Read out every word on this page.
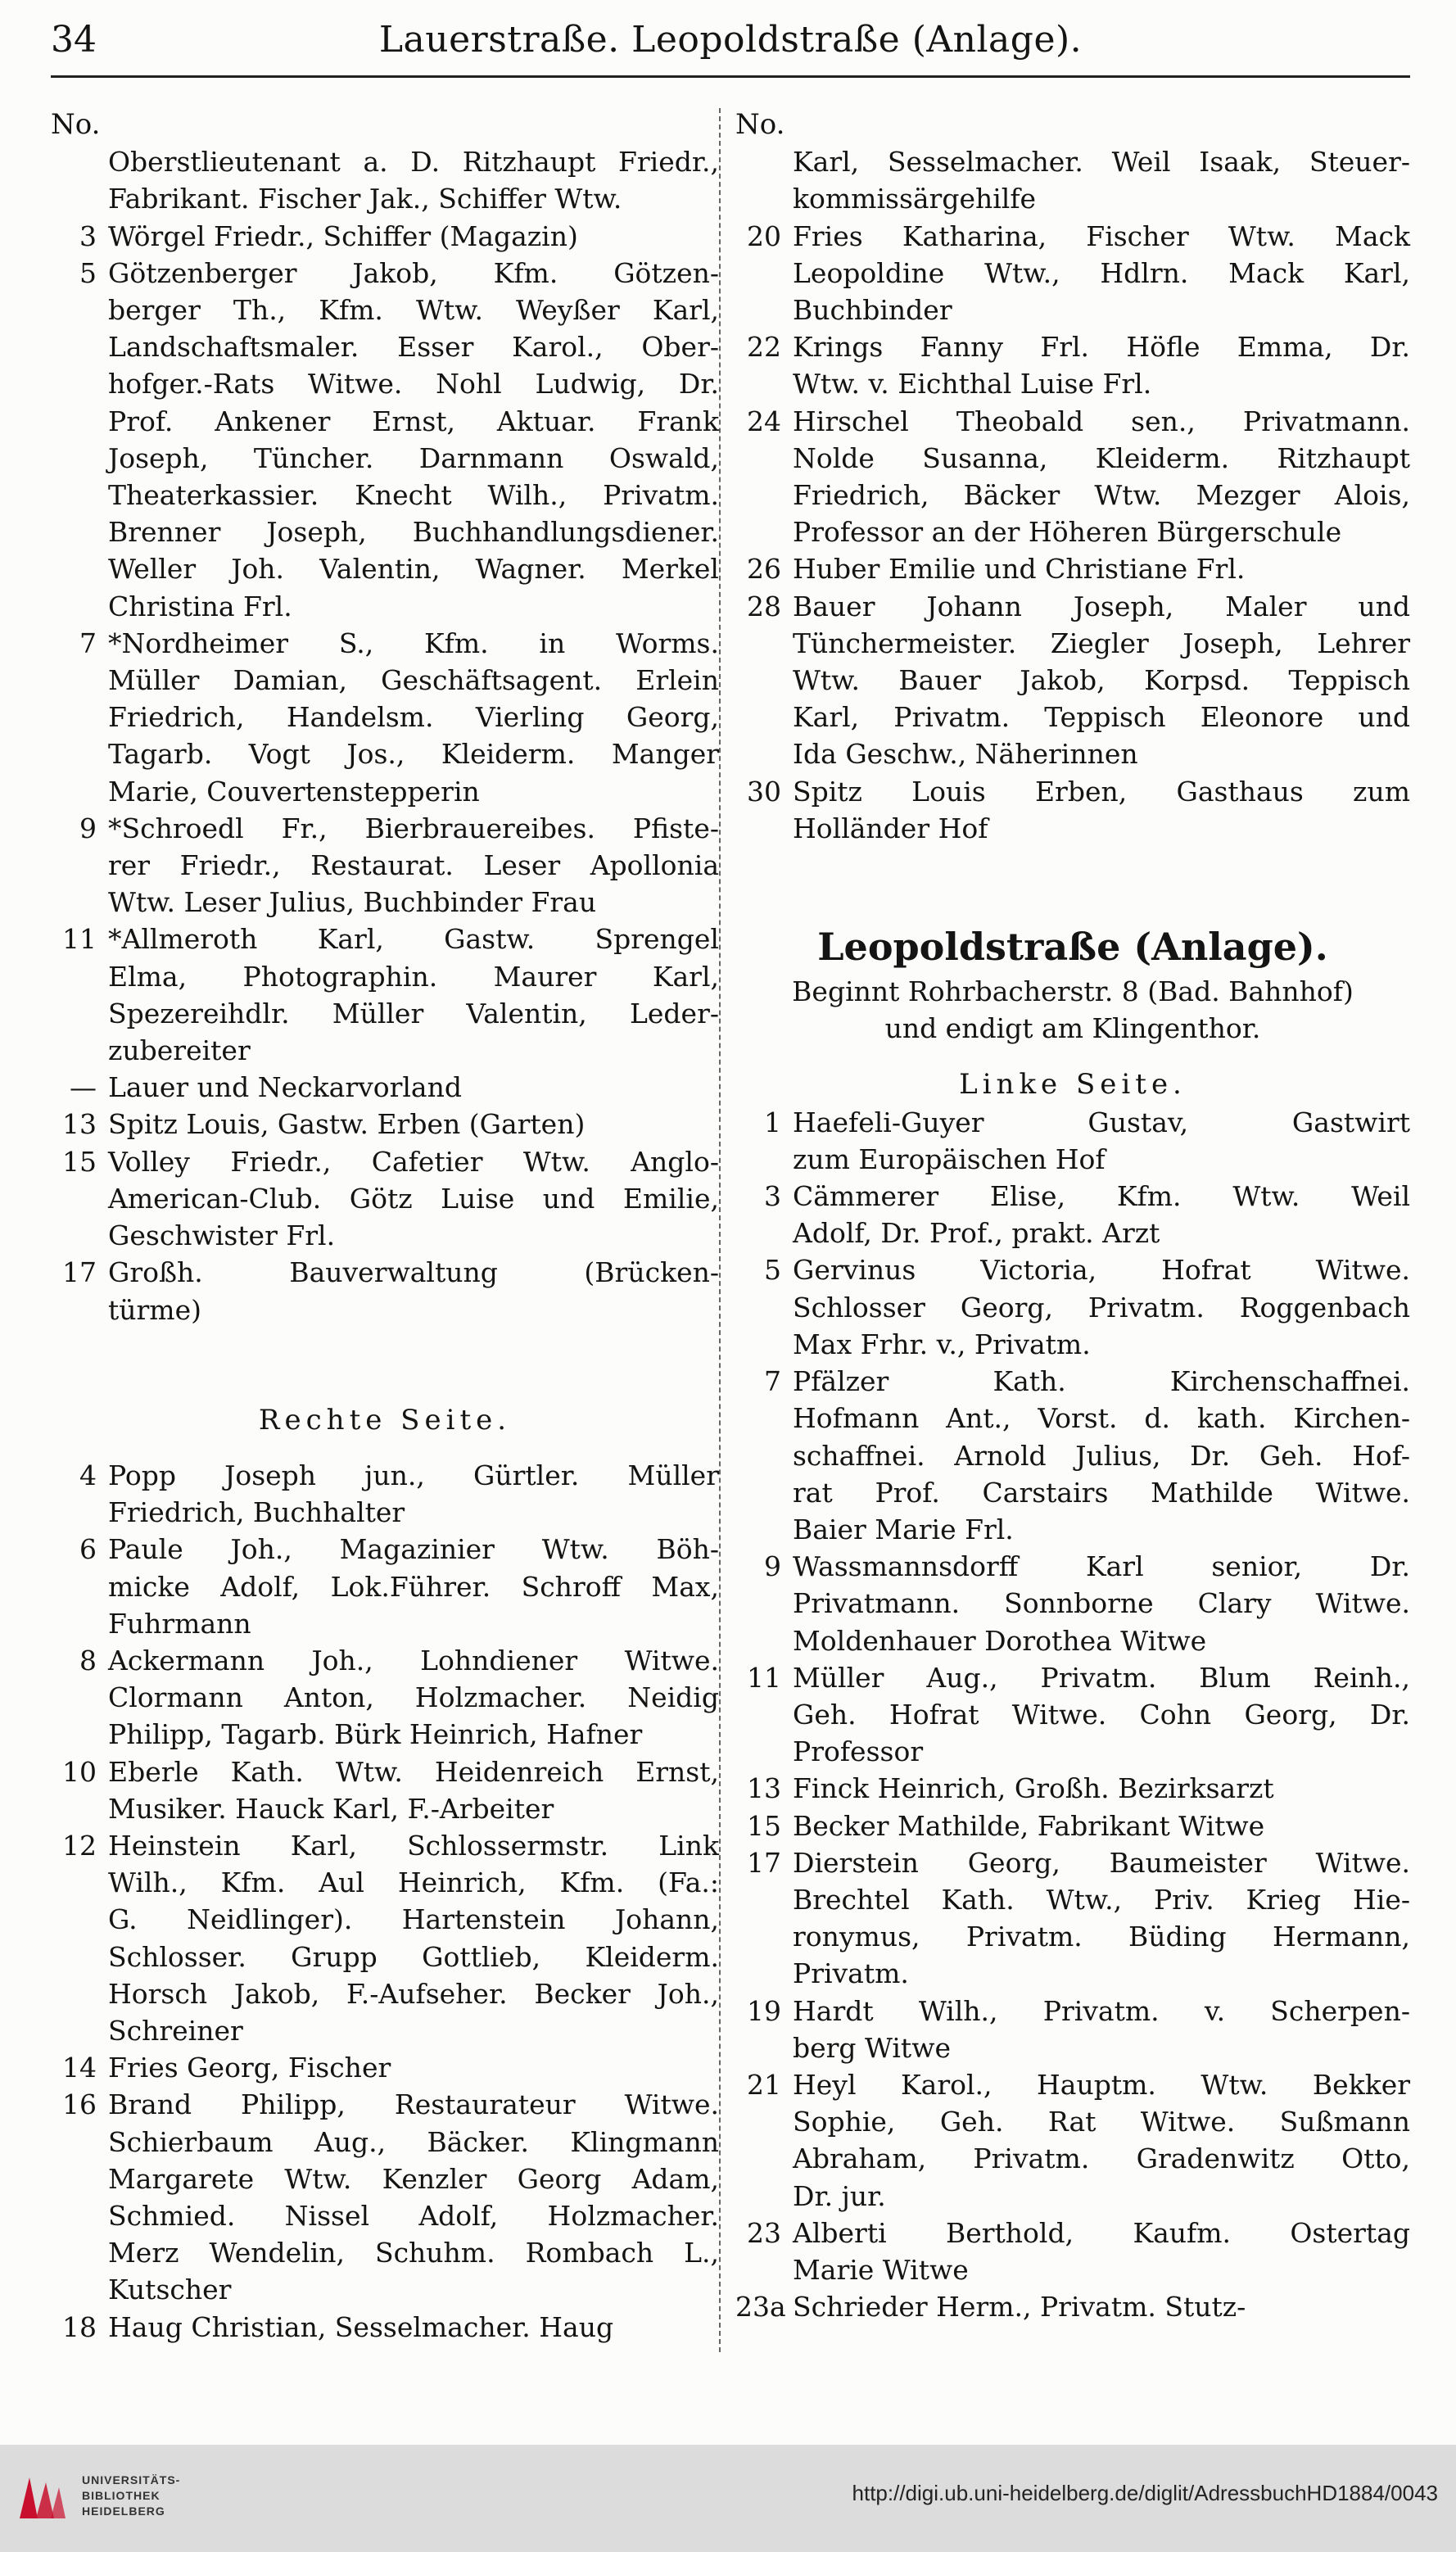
34	Lauerstraße. Leopoldstraße (Anlage).
No.
Oberstlieutenant a. D. Ritzhaupt Friedr.,
Fabrikant. Fischer Jak., Schiffer Wtw.
3 Wörgel Friedr., Schiffer (Magazin)
5 Götzenberger Jakob, Kfm. Götzen-
berger Th., Kfm. Wtw. Weyßer Karl,
Landschaftsmaler. Esser Karol., Ober-
hofger.-Rats Witwe. Nohl Ludwig, Dr.
Prof. Ankener Ernst, Aktuar. Frank
Joseph, Tüncher. Darnmann Oswald,
Theaterkassier. Knecht Wilh., Privatm.
Brenner Joseph, Buchhandlungsdiener.
Weller Joh. Valentin, Wagner. Merkel
Christina Frl.
7 *Nordheimer S., Kfm. in Worms.
Müller Damian, Geschäftsagent. Erlein
Friedrich, Handelsm. Vierling Georg,
Tagarb. Vogt Jos., Kleiderm. Manger
Marie, Couvertenstepperin
9 *Schroedl Fr., Bierbrauereibes. Pfiste-
rer Friedr., Restaurat. Leser Apollonia
Wtw. Leser Julius, Buchbinder Frau
11 *Allmeroth Karl, Gastw. Sprengel
Elma, Photographin. Maurer Karl,
Spezereihdlr. Müller Valentin, Leder-
zubereiter
— Lauer und Neckarvorland
13 Spitz Louis, Gastw. Erben (Garten)
15 Volley Friedr., Cafetier Wtw. Anglo-
American-Club. Götz Luise und Emilie,
Geschwister Frl.
17 Großh. Bauverwaltung (Brücken-
türme)
Rechte Seite.
4 Popp Joseph jun., Gürtler. Müller
Friedrich, Buchhalter
6 Paule Joh., Magazinier Wtw. Böh-
micke Adolf, Lok.Führer. Schroff Max,
Fuhrmann
8 Ackermann Joh., Lohndiener Witwe.
Clormann Anton, Holzmacher. Neidig
Philipp, Tagarb. Bürk Heinrich, Hafner
10 Eberle Kath. Wtw. Heidenreich Ernst,
Musiker. Hauck Karl, F.-Arbeiter
12 Heinstein Karl, Schlossermstr. Link
Wilh., Kfm. Aul Heinrich, Kfm. (Fa.:
G. Neidlinger). Hartenstein Johann,
Schlosser. Grupp Gottlieb, Kleiderm.
Horsch Jakob, F.-Aufseher. Becker Joh.,
Schreiner
14 Fries Georg, Fischer
16 Brand Philipp, Restaurateur Witwe.
Schierbaum Aug., Bäcker. Klingmann
Margarete Wtw. Kenzler Georg Adam,
Schmied. Nissel Adolf, Holzmacher.
Merz Wendelin, Schuhm. Rombach L.,
Kutscher
18 Haug Christian, Sesselmacher. Haug
No.
Karl, Sesselmacher. Weil Isaak, Steuer-
kommissärgehilfe
20 Fries Katharina, Fischer Wtw. Mack
Leopoldine Wtw., Hdlrn. Mack Karl,
Buchbinder
22 Krings Fanny Frl. Höfle Emma, Dr.
Wtw. v. Eichthal Luise Frl.
24 Hirschel Theobald sen., Privatmann.
Nolde Susanna, Kleiderm. Ritzhaupt
Friedrich, Bäcker Wtw. Mezger Alois,
Professor an der Höheren Bürgerschule
26 Huber Emilie und Christiane Frl.
28 Bauer Johann Joseph, Maler und
Tünchermeister. Ziegler Joseph, Lehrer
Wtw. Bauer Jakob, Korpsd. Teppisch
Karl, Privatm. Teppisch Eleonore und
Ida Geschw., Näherinnen
30 Spitz Louis Erben, Gasthaus zum
Holländer Hof
Leopoldstraße (Anlage).
Beginnt Rohrbacherstr. 8 (Bad. Bahnhof)
und endigt am Klingenthor.
Linke Seite.
1 Haefeli-Guyer Gustav, Gastwirt
zum Europäischen Hof
3 Cämmerer Elise, Kfm. Wtw. Weil
Adolf, Dr. Prof., prakt. Arzt
5 Gervinus Victoria, Hofrat Witwe.
Schlosser Georg, Privatm. Roggenbach
Max Frhr. v., Privatm.
7 Pfälzer Kath. Kirchenschaffnei.
Hofmann Ant., Vorst. d. kath. Kirchen-
schaffnei. Arnold Julius, Dr. Geh. Hof-
rat Prof. Carstairs Mathilde Witwe.
Baier Marie Frl.
9 Wassmannsdorff Karl senior, Dr.
Privatmann. Sonnborne Clary Witwe.
Moldenhauer Dorothea Witwe
11 Müller Aug., Privatm. Blum Reinh.,
Geh. Hofrat Witwe. Cohn Georg, Dr.
Professor
13 Finck Heinrich, Großh. Bezirksarzt
15 Becker Mathilde, Fabrikant Witwe
17 Dierstein Georg, Baumeister Witwe.
Brechtel Kath. Wtw., Priv. Krieg Hie-
ronymus, Privatm. Büding Hermann,
Privatm.
19 Hardt Wilh., Privatm. v. Scherpen-
berg Witwe
21 Heyl Karol., Hauptm. Wtw. Bekker
Sophie, Geh. Rat Witwe. Sußmann
Abraham, Privatm. Gradenwitz Otto,
Dr. jur.
23 Alberti Berthold, Kaufm. Ostertag
Marie Witwe
23a Schrieder Herm., Privatm. Stutz-
UNIVERSITÄTS-
BIBLIOTHEK
HEIDELBERG
http://digi.ub.uni-heidelberg.de/diglit/AdressbuchHD1884/0043
